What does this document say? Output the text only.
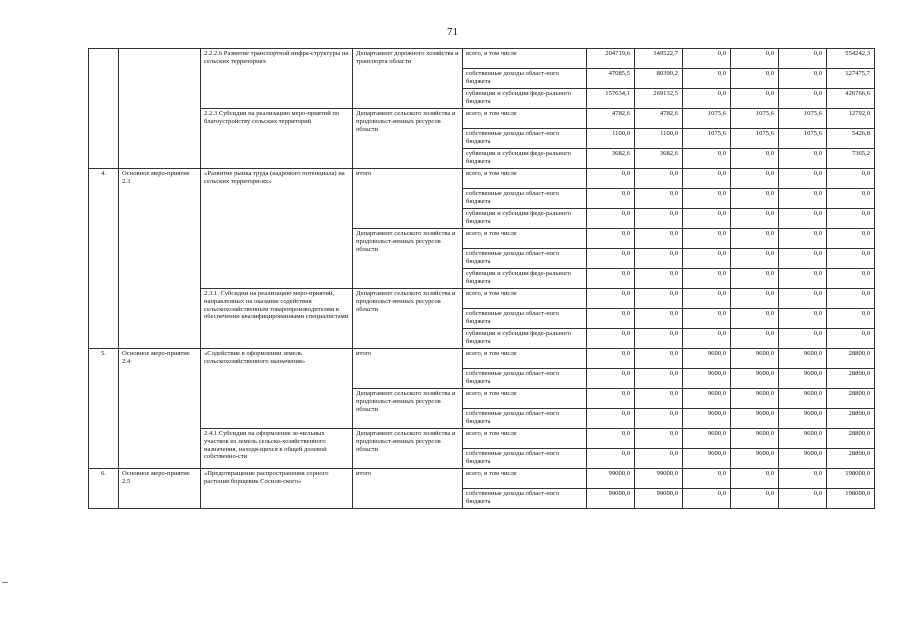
71
		2.2.2.6 Развитие транспортной инфра-структуры на сельских территориях	Департамент дорожного хозяйства и транспорта области	всего, в том числе	204719,6	349522,7	0,0	0,0	0,0	554242,3
				собственные доходы област-ного бюджета	47085,5	80390,2	0,0	0,0	0,0	127475,7
				субвенции и субсидии феде-рального бюджета	157634,1	269132,5	0,0	0,0	0,0	426766,6
		2.2.3 Субсидии на реализацию меро-приятий по благоустройству сельских территорий	Департамент сельского хозяйства и продовольст-венных ресурсов области	всего, в том числе	4782,6	4782,6	1075,6	1075,6	1075,6	12792,0
				собственные доходы област-ного бюджета	1100,0	1100,0	1075,6	1075,6	1075,6	5426,8
				субвенции и субсидии феде-рального бюджета	3682,6	3682,6	0,0	0,0	0,0	7365,2
4.	Основное меро-приятие 2.3	«Развитие рынка труда (кадрового потенциала) на сельских территори-ях»	итого	всего, в том числе	0,0	0,0	0,0	0,0	0,0	0,0
				собственные доходы област-ного бюджета	0,0	0,0	0,0	0,0	0,0	0,0
				субвенции и субсидии феде-рального бюджета	0,0	0,0	0,0	0,0	0,0	0,0
			Департамент сельского хозяйства и продовольст-венных ресурсов области	всего, в том числе	0,0	0,0	0,0	0,0	0,0	0,0
				собственные доходы област-ного бюджета	0,0	0,0	0,0	0,0	0,0	0,0
				субвенции и субсидии феде-рального бюджета	0,0	0,0	0,0	0,0	0,0	0,0
		2.3.1. Субсидии на реализацию меро-приятий, направленных на оказание содействия сельскохозяйственным товаропроизводителям в обеспечении квалифицированными специалистами	Департамент сельского хозяйства и продовольст-венных ресурсов области	всего, в том числе	0,0	0,0	0,0	0,0	0,0	0,0
				собственные доходы област-ного бюджета	0,0	0,0	0,0	0,0	0,0	0,0
				субвенции и субсидии феде-рального бюджета	0,0	0,0	0,0	0,0	0,0	0,0
5.	Основное меро-приятие 2.4	«Содействие в оформлении земель сельскохозяйственного назначения»	итого	всего, в том числе	0,0	0,0	9600,0	9600,0	9600,0	28800,0
				собственные доходы област-ного бюджета	0,0	0,0	9600,0	9600,0	9600,0	28800,0
			Департамент сельского хозяйства и продовольст-венных ресурсов области	всего, в том числе	0,0	0,0	9600,0	9600,0	9600,0	28800,0
				собственные доходы област-ного бюджета	0,0	0,0	9600,0	9600,0	9600,0	28800,0
		2.4.1 Субсидии на оформление зе-мельных участков из земель сельско-хозяйственного назначения, находя-щихся в общей долевой собственно-сти	Департамент сельского хозяйства и продовольст-венных ресурсов области	всего, в том числе	0,0	0,0	9600,0	9600,0	9600,0	28800,0
				собственные доходы област-ного бюджета	0,0	0,0	9600,0	9600,0	9600,0	28800,0
6.	Основное меро-приятие 2.5	«Предотвращение распространения сорного растения борщевик Соснов-ского»	итого	всего, в том числе	99000,0	99000,0	0,0	0,0	0,0	198000,0
				собственные доходы област-ного бюджета	99000,0	99000,0	0,0	0,0	0,0	198000,0
